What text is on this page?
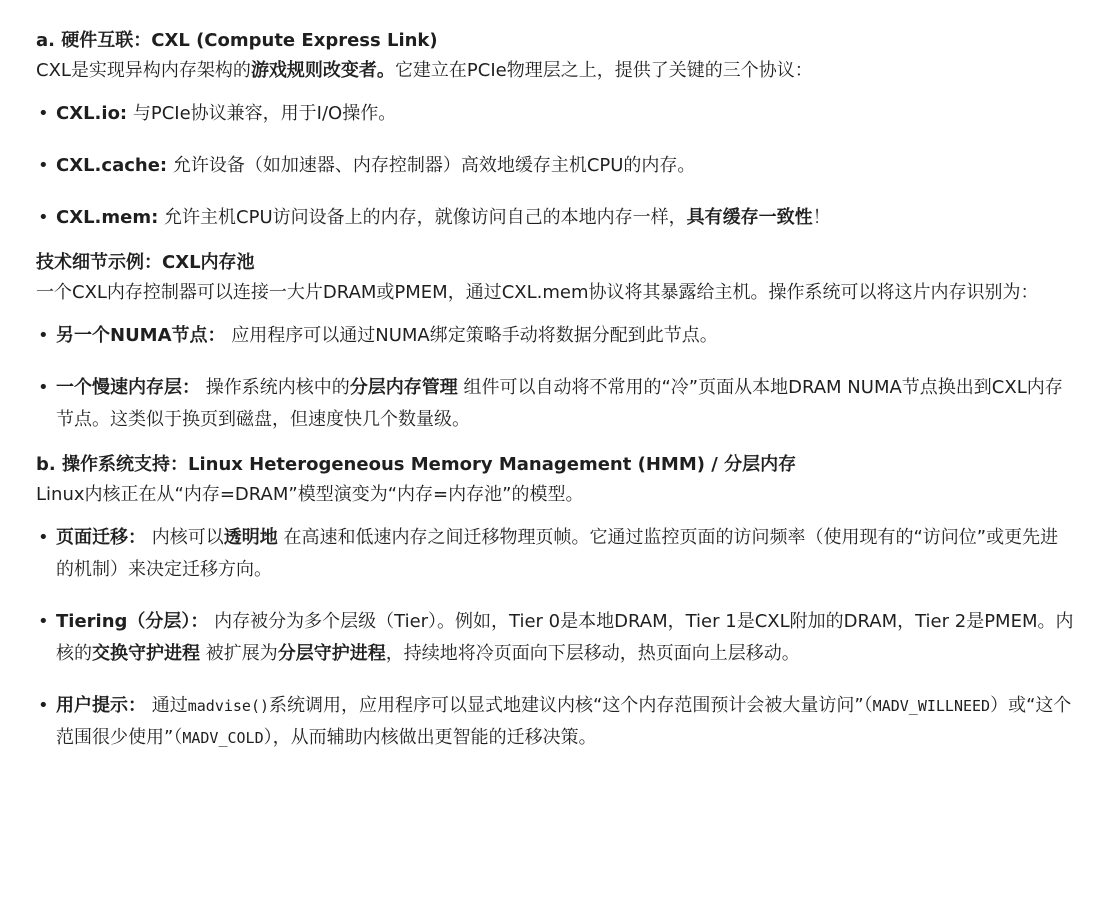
a. 硬件互联：CXL (Compute Express Link)

CXL是实现异构内存架构的游戏规则改变者。它建立在PCIe物理层之上，提供了关键的三个协议：

• CXL.io: 与PCIe协议兼容，用于I/O操作。
• CXL.cache: 允许设备（如加速器、内存控制器）高效地缓存主机CPU的内存。
• CXL.mem: 允许主机CPU访问设备上的内存，就像访问自己的本地内存一样，具有缓存一致性！
技术细节示例：CXL内存池

一个CXL内存控制器可以连接一大片DRAM或PMEM，通过CXL.mem协议将其暴露给主机。操作系统可以将这片内存识别为：

• 另一个NUMA节点： 应用程序可以通过NUMA绑定策略手动将数据分配到此节点。
• 一个慢速内存层： 操作系统内核中的分层内存管理 组件可以自动将不常用的“冷”页面从本地DRAM NUMA节点换出到CXL内存节点。这类似于换页到磁盘，但速度快几个数量级。
b. 操作系统支持：Linux Heterogeneous Memory Management (HMM) / 分层内存

Linux内核正在从“内存=DRAM”模型演变为“内存=内存池”的模型。

• 页面迁移： 内核可以透明地 在高速和低速内存之间迁移物理页帧。它通过监控页面的访问频率（使用现有的“访问位”或更先进的机制）来决定迁移方向。
• Tiering（分层）： 内存被分为多个层级（Tier）。例如，Tier 0是本地DRAM，Tier 1是CXL附加的DRAM，Tier 2是PMEM。内核的交换守护进程 被扩展为分层守护进程，持续地将冷页面向下层移动，热页面向上层移动。
• 用户提示： 通过madvise()系统调用，应用程序可以显式地建议内核“这个内存范围预计会被大量访问”（MADV_WILLNEED）或“这个范围很少使用”（MADV_COLD），从而辅助内核做出更智能的迁移决策。
